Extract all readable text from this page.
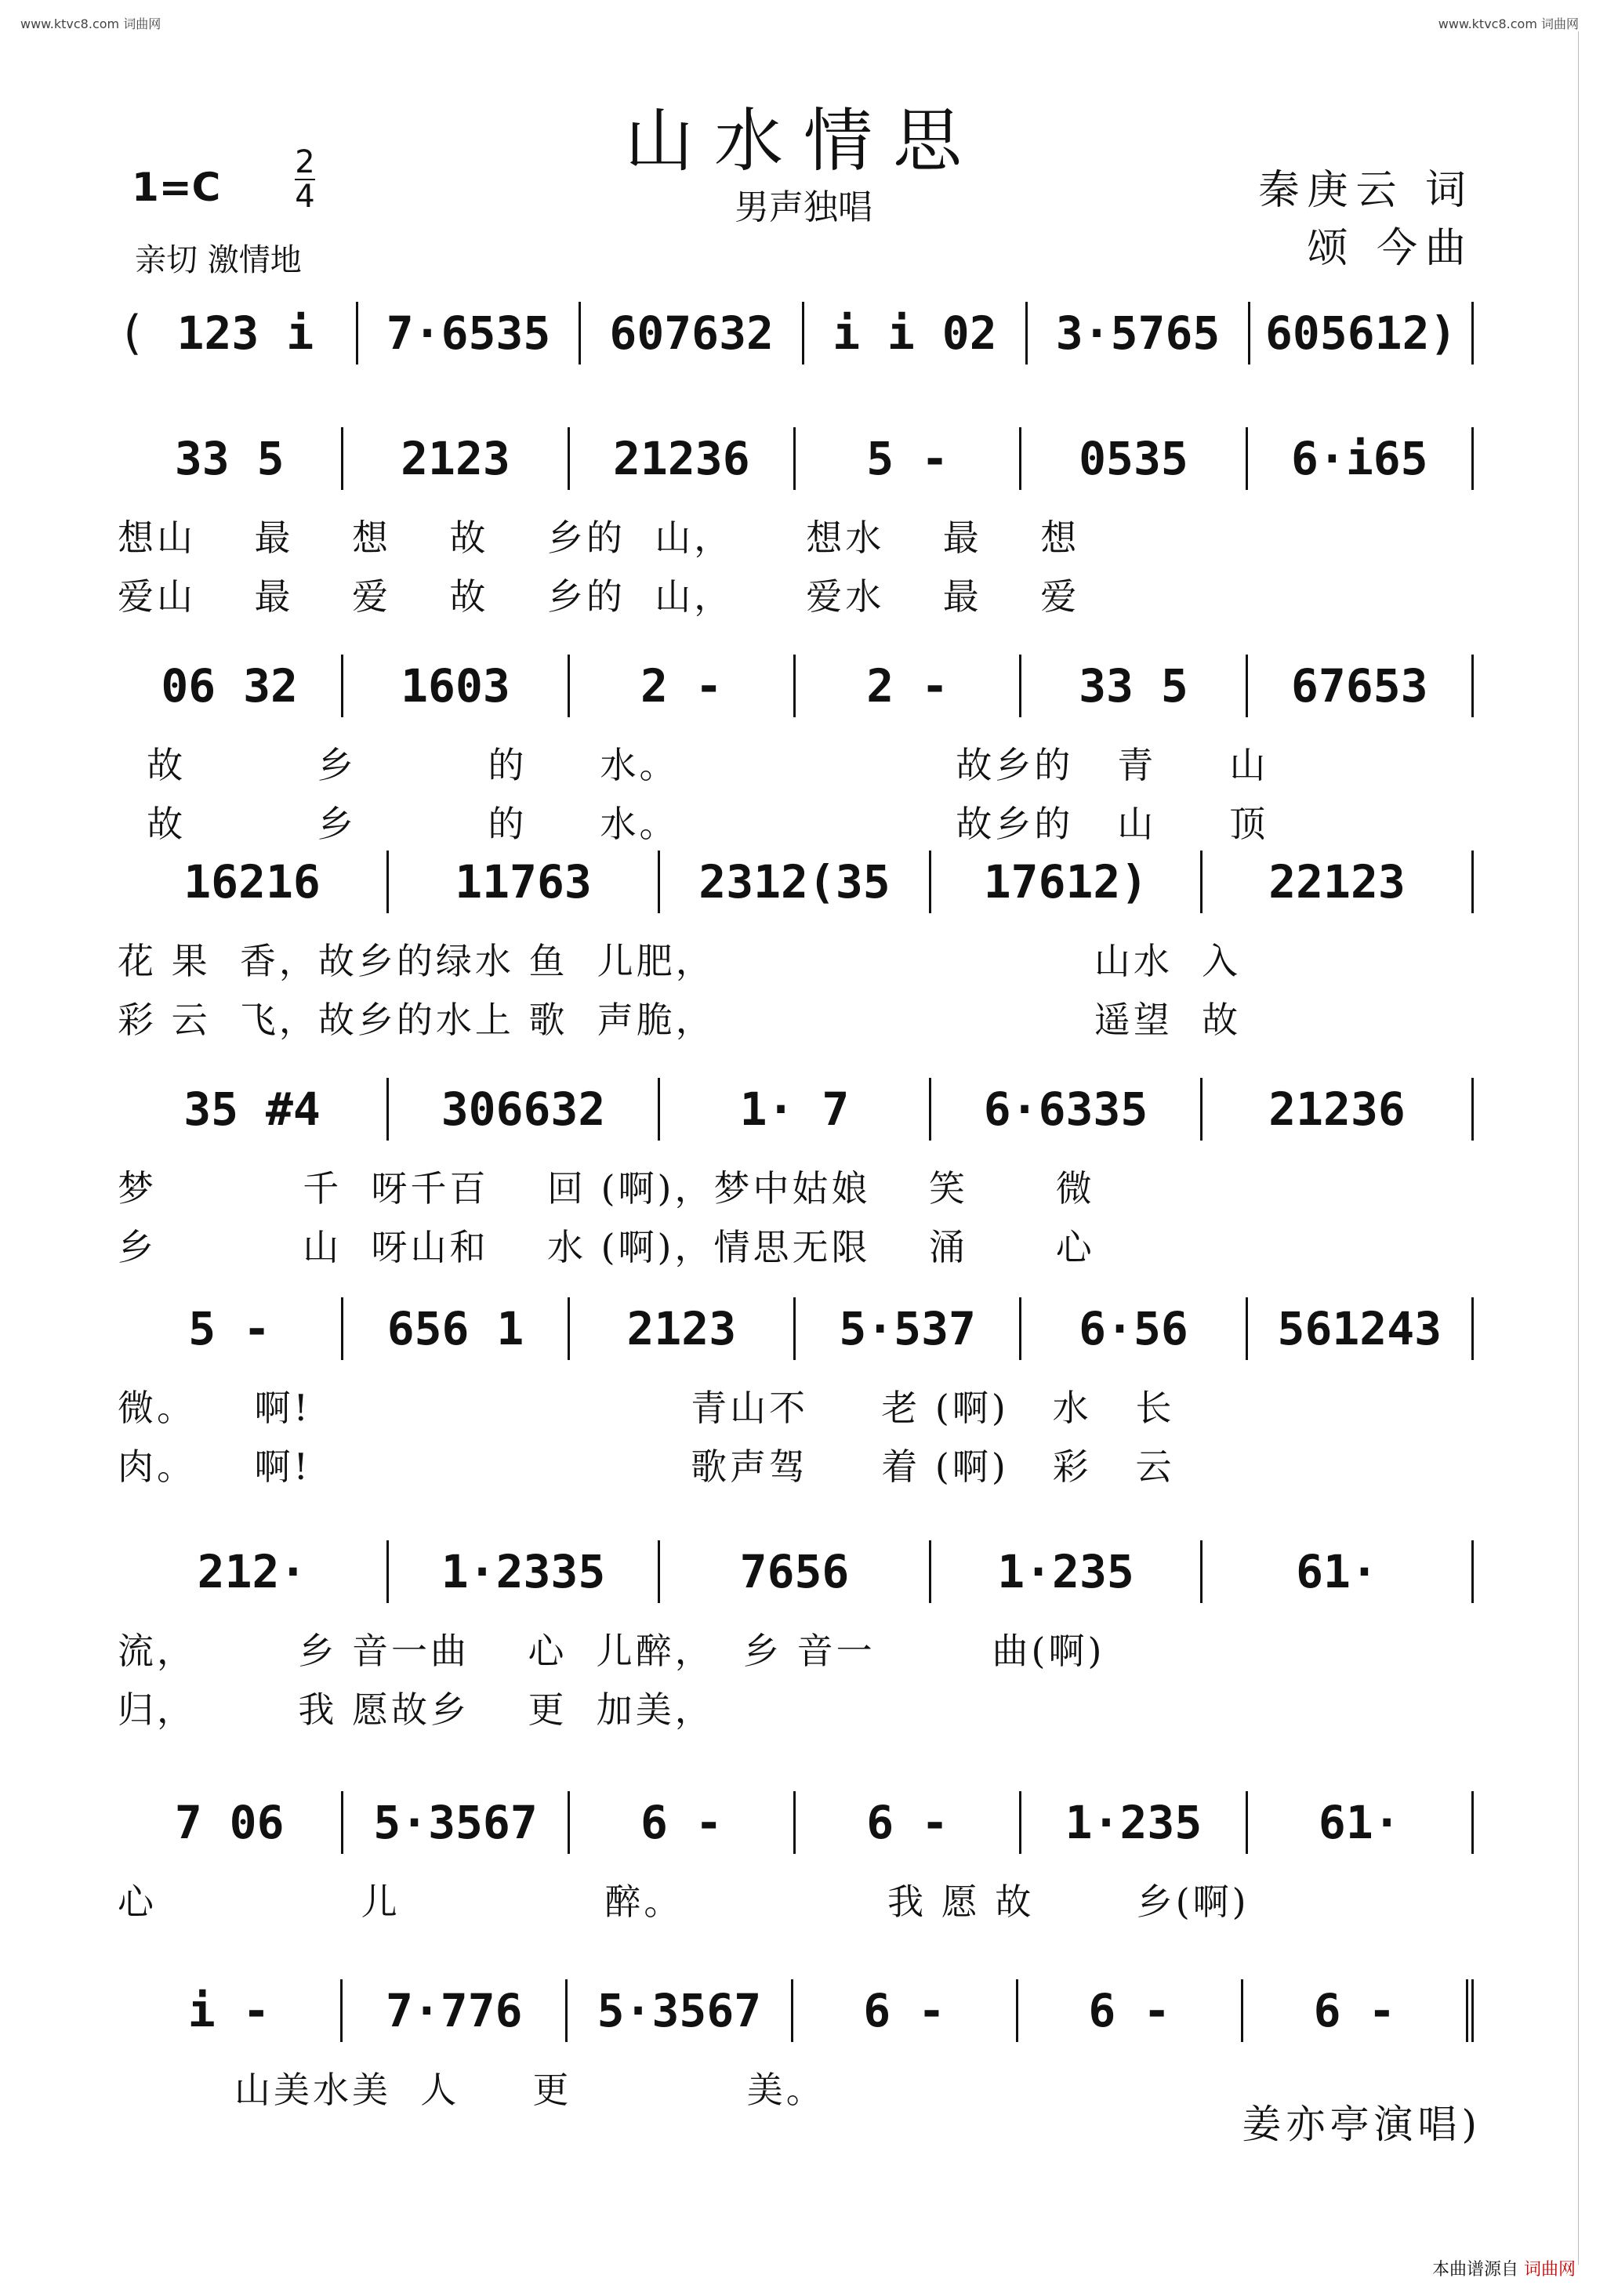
www.ktvc8.com 词曲网	www.ktvc8.com 词曲网
山水情思
男声独唱
1=C
2
4
亲切 激情地
秦庚云 词
颂 今曲
( 123 i	7·6535	607632	i i 02	3·5765 605612)
33 5	2123	21236	5 -	0535	6·i65
想山    最    想    故    乡的  山，     想水    最    想
爱山    最    爱    故    乡的  山，     爱水    最    爱
06 32	1603	2 -	2 -	33 5	67653
故         乡         的     水。                   故乡的   青     山
故         乡         的     水。                   故乡的   山     顶
16216	11763	2312(35	17612)	22123
花 果  香，故乡的绿水 鱼  儿肥，                          山水  入
彩 云  飞，故乡的水上 歌  声脆，                          遥望  故
35 #4	306632	1· 7	6·6335	21236
梦          千  呀千百    回 (啊)，梦中姑娘    笑      微
乡          山  呀山和    水 (啊)，情思无限    涌      心
5 -	656 1	2123	5·537	6·56	561243
微。    啊!                          青山不     老 (啊)   水   长
肉。    啊!                          歌声驾     着 (啊)   彩   云
212·	1·2335	7656	1·235	61·
流，       乡 音一曲    心  儿醉，  乡 音一        曲(啊)
归，       我 愿故乡    更  加美，
7 06	5·3567	6 -	6 -	1·235	61·
心              儿              醉。              我 愿 故       乡(啊)
i -	7·776	5·3567	6 -	6 -	6 -
山美水美  人     更            美。
姜亦亭演唱)
本曲谱源自 词曲网
